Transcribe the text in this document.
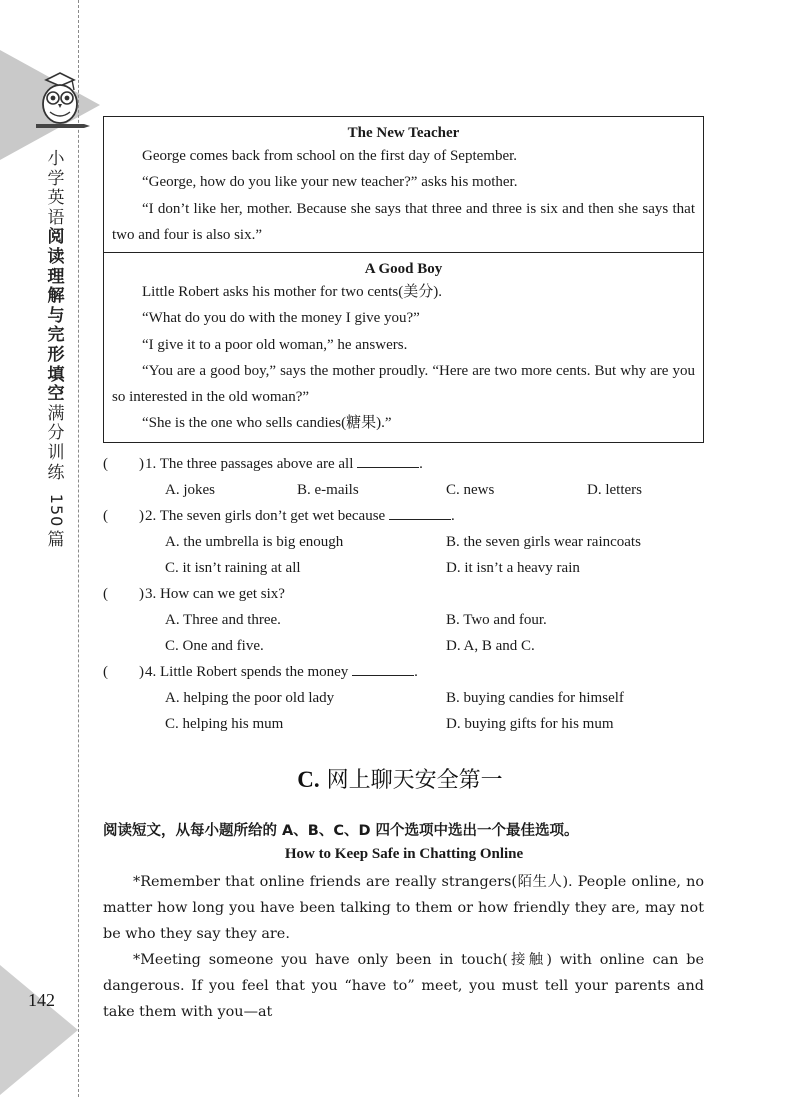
小
学
英
语
阅
读
理
解
与
完
形
填
空
满
分
训
练
150
篇
142
The New Teacher

George comes back from school on the first day of September.

“George, how do you like your new teacher?” asks his mother.

“I don’t like her, mother. Because she says that three and three is six and then she says that two and four is also six.”

A Good Boy

Little Robert asks his mother for two cents(美分).

“What do you do with the money I give you?”

“I give it to a poor old woman,” he answers.

“You are a good boy,” says the mother proudly. “Here are two more cents. But why are you so interested in the old woman?”

“She is the one who sells candies(糖果).”

( ) 1. The three passages above are all	.
A. jokes	B. e-mails	C. news	D. letters
( ) 2. The seven girls don’t get wet because	.
A. the umbrella is big enough	B. the seven girls wear raincoats
C. it isn’t raining at all	D. it isn’t a heavy rain
( ) 3. How can we get six?
A. Three and three.	B. Two and four.
C. One and five.	D. A, B and C.
( ) 4. Little Robert spends the money	.
A. helping the poor old lady	B. buying candies for himself
C. helping his mum	D. buying gifts for his mum
C. 网上聊天安全第一
阅读短文，从每小题所给的 A、B、C、D 四个选项中选出一个最佳选项。
How to Keep Safe in Chatting Online

*Remember that online friends are really strangers(陌生人). People online, no matter how long you have been talking to them or how friendly they are, may not be who they say they are.

*Meeting someone you have only been in touch(接触) with online can be dangerous. If you feel that you “have to” meet, you must tell your parents and take them with you—at
